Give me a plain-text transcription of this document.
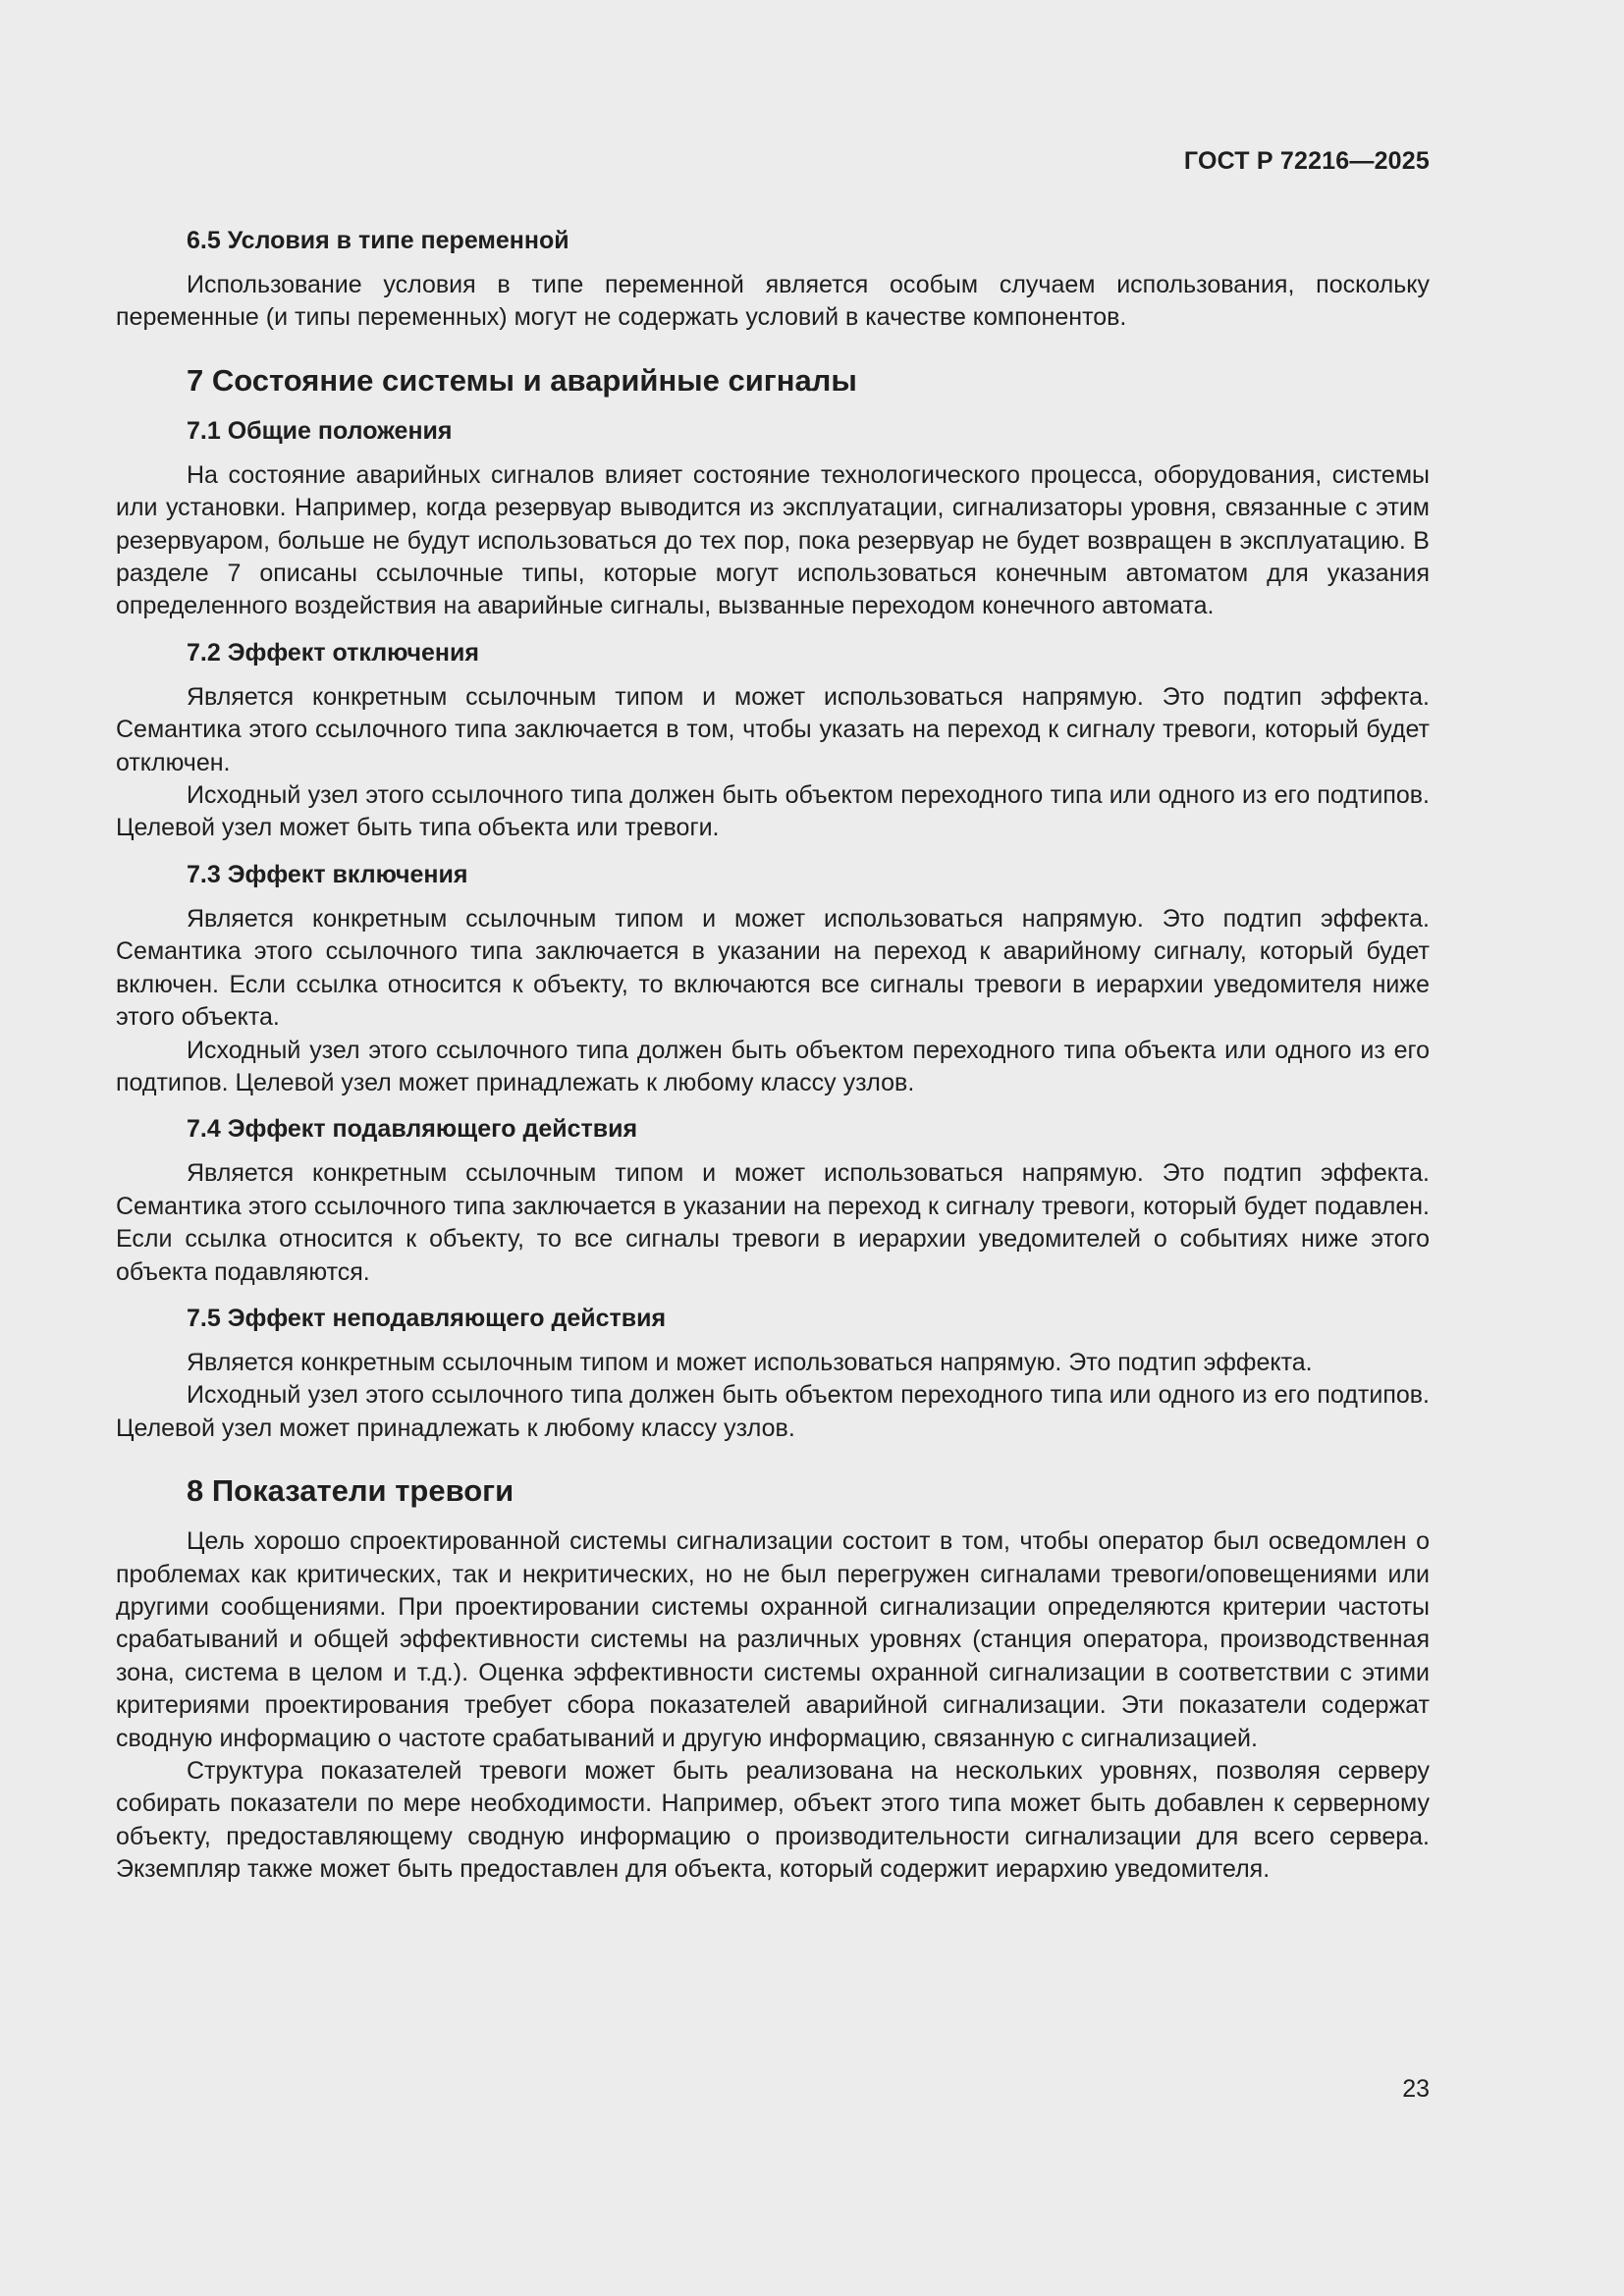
ГОСТ Р 72216—2025
6.5 Условия в типе переменной

Использование условия в типе переменной является особым случаем использования, поскольку переменные (и типы переменных) могут не содержать условий в качестве компонентов.

7 Состояние системы и аварийные сигналы
7.1 Общие положения

На состояние аварийных сигналов влияет состояние технологического процесса, оборудования, системы или установки. Например, когда резервуар выводится из эксплуатации, сигнализаторы уровня, связанные с этим резервуаром, больше не будут использоваться до тех пор, пока резервуар не будет возвращен в эксплуатацию. В разделе 7 описаны ссылочные типы, которые могут использоваться конечным автоматом для указания определенного воздействия на аварийные сигналы, вызванные переходом конечного автомата.

7.2 Эффект отключения

Является конкретным ссылочным типом и может использоваться напрямую. Это подтип эффекта. Семантика этого ссылочного типа заключается в том, чтобы указать на переход к сигналу тревоги, который будет отключен.

Исходный узел этого ссылочного типа должен быть объектом переходного типа или одного из его подтипов. Целевой узел может быть типа объекта или тревоги.

7.3 Эффект включения

Является конкретным ссылочным типом и может использоваться напрямую. Это подтип эффекта. Семантика этого ссылочного типа заключается в указании на переход к аварийному сигналу, который будет включен. Если ссылка относится к объекту, то включаются все сигналы тревоги в иерархии уведомителя ниже этого объекта.

Исходный узел этого ссылочного типа должен быть объектом переходного типа объекта или одного из его подтипов. Целевой узел может принадлежать к любому классу узлов.

7.4 Эффект подавляющего действия

Является конкретным ссылочным типом и может использоваться напрямую. Это подтип эффекта. Семантика этого ссылочного типа заключается в указании на переход к сигналу тревоги, который будет подавлен. Если ссылка относится к объекту, то все сигналы тревоги в иерархии уведомителей о событиях ниже этого объекта подавляются.

7.5 Эффект неподавляющего действия

Является конкретным ссылочным типом и может использоваться напрямую. Это подтип эффекта.

Исходный узел этого ссылочного типа должен быть объектом переходного типа или одного из его подтипов. Целевой узел может принадлежать к любому классу узлов.

8 Показатели тревоги

Цель хорошо спроектированной системы сигнализации состоит в том, чтобы оператор был осведомлен о проблемах как критических, так и некритических, но не был перегружен сигналами тревоги/оповещениями или другими сообщениями. При проектировании системы охранной сигнализации определяются критерии частоты срабатываний и общей эффективности системы на различных уровнях (станция оператора, производственная зона, система в целом и т.д.). Оценка эффективности системы охранной сигнализации в соответствии с этими критериями проектирования требует сбора показателей аварийной сигнализации. Эти показатели содержат сводную информацию о частоте срабатываний и другую информацию, связанную с сигнализацией.

Структура показателей тревоги может быть реализована на нескольких уровнях, позволяя серверу собирать показатели по мере необходимости. Например, объект этого типа может быть добавлен к серверному объекту, предоставляющему сводную информацию о производительности сигнализации для всего сервера. Экземпляр также может быть предоставлен для объекта, который содержит иерархию уведомителя.

23
